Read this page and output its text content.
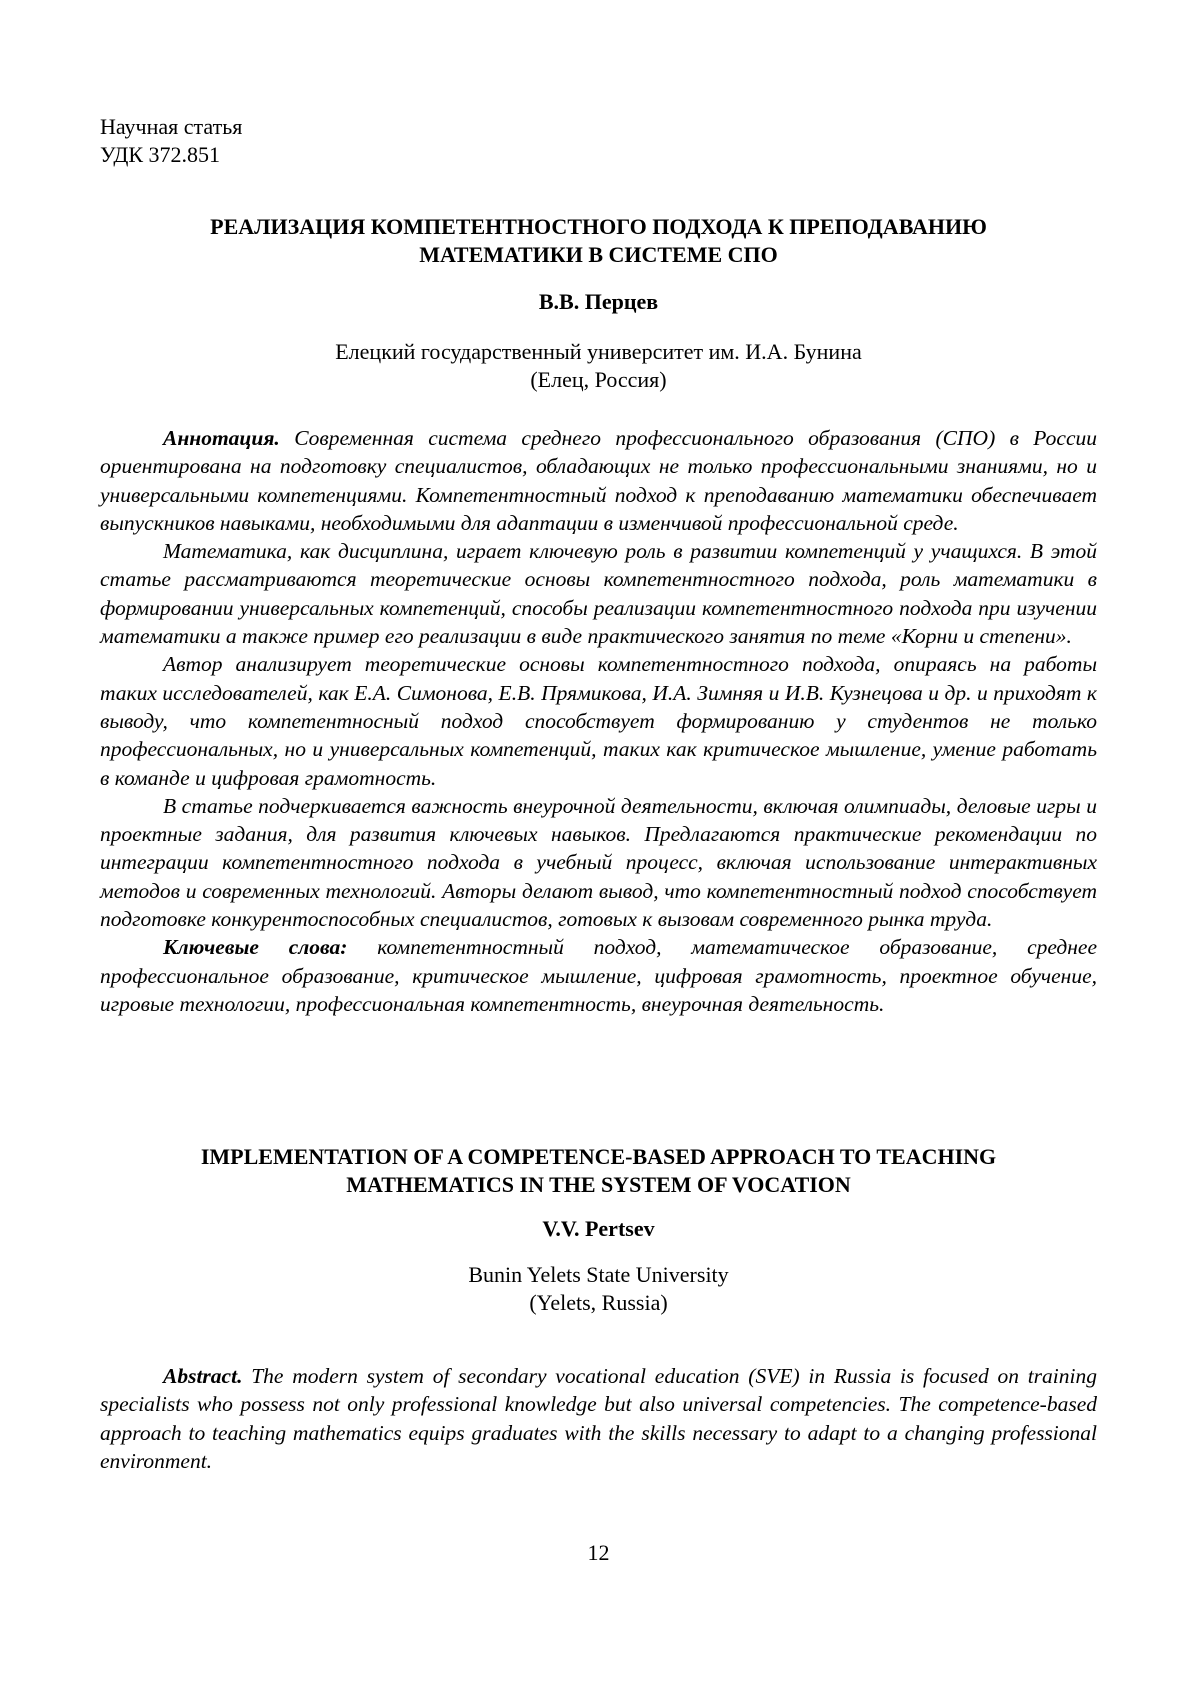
Научная статья
УДК 372.851
РЕАЛИЗАЦИЯ КОМПЕТЕНТНОСТНОГО ПОДХОДА К ПРЕПОДАВАНИЮ МАТЕМАТИКИ В СИСТЕМЕ СПО

В.В. Перцев

Елецкий государственный университет им. И.А. Бунина

(Елец, Россия)

Аннотация. Современная система среднего профессионального образования (СПО) в России ориентирована на подготовку специалистов, обладающих не только профессиональными знаниями, но и универсальными компетенциями. Компетентностный подход к преподаванию математики обеспечивает выпускников навыками, необходимыми для адаптации в изменчивой профессиональной среде.

Математика, как дисциплина, играет ключевую роль в развитии компетенций у учащихся. В этой статье рассматриваются теоретические основы компетентностного подхода, роль математики в формировании универсальных компетенций, способы реализации компетентностного подхода при изучении математики а также пример его реализации в виде практического занятия по теме «Корни и степени».

Автор анализирует теоретические основы компетентностного подхода, опираясь на работы таких исследователей, как Е.А. Симонова, Е.В. Прямикова, И.А. Зимняя и И.В. Кузнецова и др. и приходят к выводу, что компетентносный подход способствует формированию у студентов не только профессиональных, но и универсальных компетенций, таких как критическое мышление, умение работать в команде и цифровая грамотность.

В статье подчеркивается важность внеурочной деятельности, включая олимпиады, деловые игры и проектные задания, для развития ключевых навыков. Предлагаются практические рекомендации по интеграции компетентностного подхода в учебный процесс, включая использование интерактивных методов и современных технологий. Авторы делают вывод, что компетентностный подход способствует подготовке конкурентоспособных специалистов, готовых к вызовам современного рынка труда.

Ключевые слова: компетентностный подход, математическое образование, среднее профессиональное образование, критическое мышление, цифровая грамотность, проектное обучение, игровые технологии, профессиональная компетентность, внеурочная деятельность.

IMPLEMENTATION OF A COMPETENCE-BASED APPROACH TO TEACHING MATHEMATICS IN THE SYSTEM OF VOCATION

V.V. Pertsev

Bunin Yelets State University

(Yelets, Russia)

Abstract. The modern system of secondary vocational education (SVE) in Russia is focused on training specialists who possess not only professional knowledge but also universal competencies. The competence-based approach to teaching mathematics equips graduates with the skills necessary to adapt to a changing professional environment.

12
